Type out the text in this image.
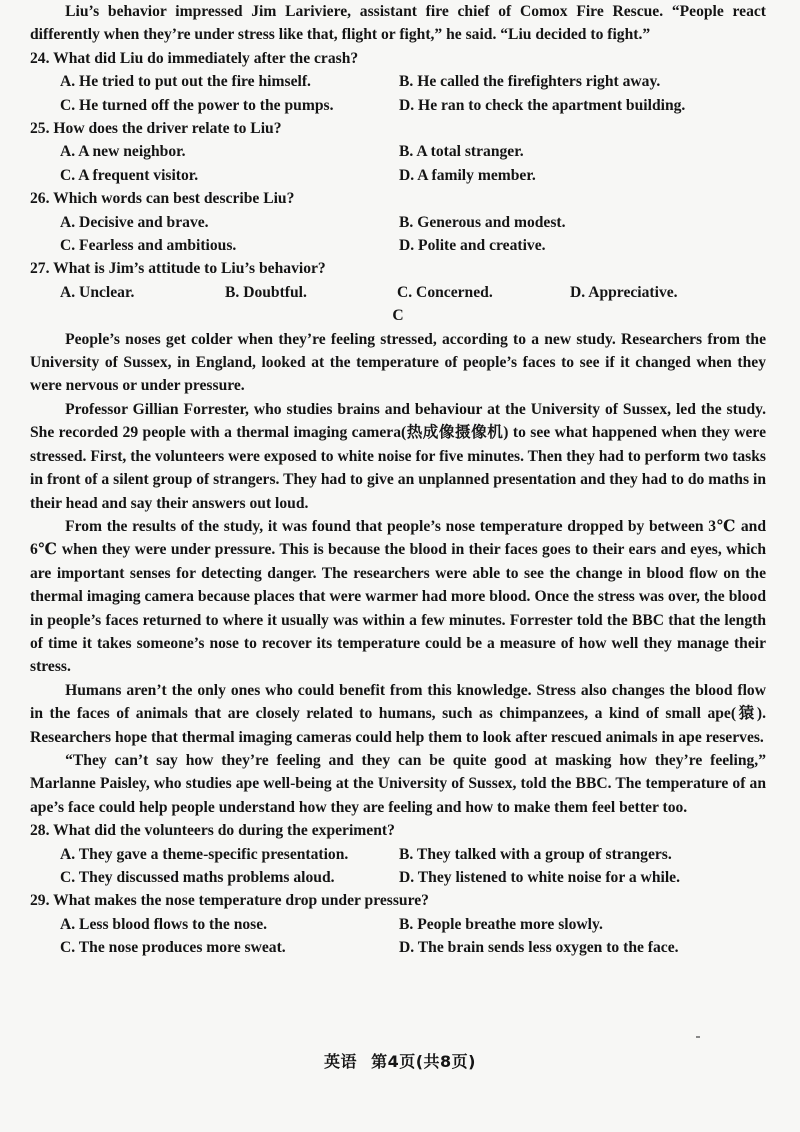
Liu’s behavior impressed Jim Lariviere, assistant fire chief of Comox Fire Rescue. “People react differently when they’re under stress like that, flight or fight,” he said. “Liu decided to fight.”

24. What did Liu do immediately after the crash?

A. He tried to put out the fire himself.	B. He called the firefighters right away.
C. He turned off the power to the pumps.	D. He ran to check the apartment building.

25. How does the driver relate to Liu?

A. A new neighbor.	B. A total stranger.
C. A frequent visitor.	D. A family member.

26. Which words can best describe Liu?

A. Decisive and brave.	B. Generous and modest.
C. Fearless and ambitious.	D. Polite and creative.

27. What is Jim’s attitude to Liu’s behavior?

A. Unclear.	B. Doubtful.	C. Concerned.	D. Appreciative.

C

People’s noses get colder when they’re feeling stressed, according to a new study. Researchers from the University of Sussex, in England, looked at the temperature of people’s faces to see if it changed when they were nervous or under pressure.

Professor Gillian Forrester, who studies brains and behaviour at the University of Sussex, led the study. She recorded 29 people with a thermal imaging camera(热成像摄像机) to see what happened when they were stressed. First, the volunteers were exposed to white noise for five minutes. Then they had to perform two tasks in front of a silent group of strangers. They had to give an unplanned presentation and they had to do maths in their head and say their answers out loud.

From the results of the study, it was found that people’s nose temperature dropped by between 3℃ and 6℃ when they were under pressure. This is because the blood in their faces goes to their ears and eyes, which are important senses for detecting danger. The researchers were able to see the change in blood flow on the thermal imaging camera because places that were warmer had more blood. Once the stress was over, the blood in people’s faces returned to where it usually was within a few minutes. Forrester told the BBC that the length of time it takes someone’s nose to recover its temperature could be a measure of how well they manage their stress.

Humans aren’t the only ones who could benefit from this knowledge. Stress also changes the blood flow in the faces of animals that are closely related to humans, such as chimpanzees, a kind of small ape(猿). Researchers hope that thermal imaging cameras could help them to look after rescued animals in ape reserves.

“They can’t say how they’re feeling and they can be quite good at masking how they’re feeling,” Marlanne Paisley, who studies ape well-being at the University of Sussex, told the BBC. The temperature of an ape’s face could help people understand how they are feeling and how to make them feel better too.

28. What did the volunteers do during the experiment?

A. They gave a theme-specific presentation.	B. They talked with a group of strangers.
C. They discussed maths problems aloud.	D. They listened to white noise for a while.

29. What makes the nose temperature drop under pressure?

A. Less blood flows to the nose.	B. People breathe more slowly.
C. The nose produces more sweat.	D. The brain sends less oxygen to the face.
英语 第4页(共8页)
